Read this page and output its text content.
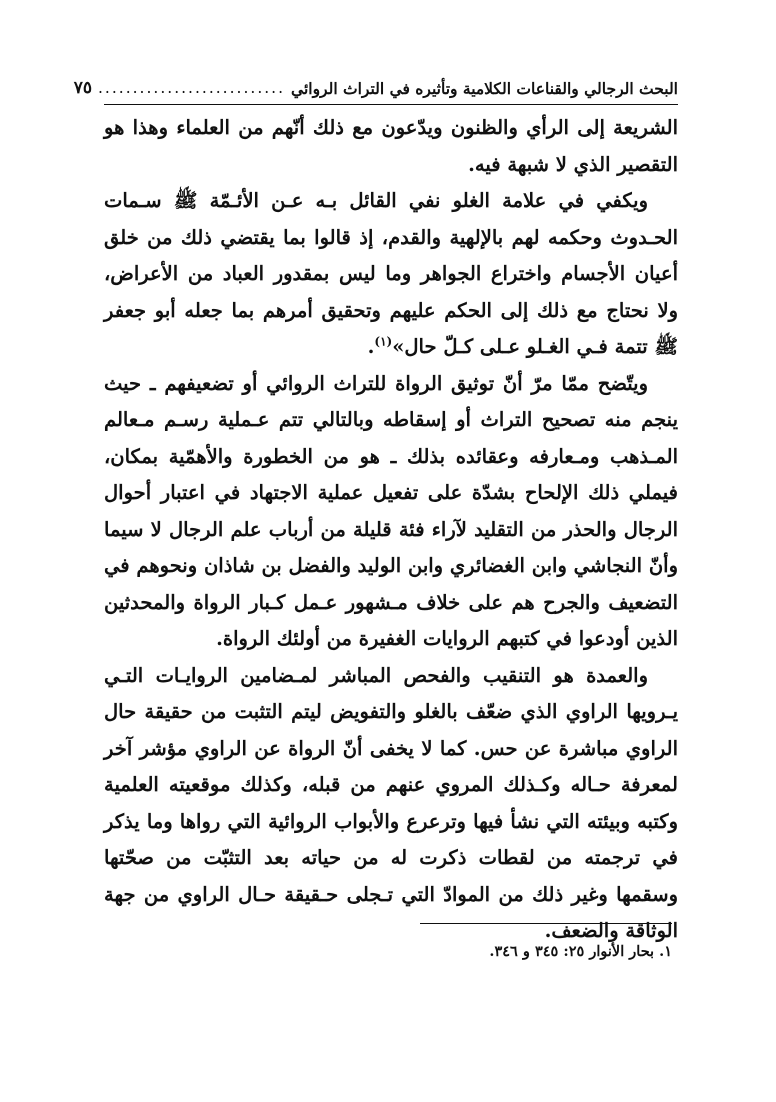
البحث الرجالي والقناعات الكلامية وتأثيره في التراث الروائي
...........................
٧٥

الشريعة إلى الرأي والظنون ويدّعون مع ذلك أنّهم من العلماء وهذا هو التقصير الذي لا شبهة فيه.

ويكفي في علامة الغلو نفي القائل بـه عـن الأئـمّة ﷺ سـمات الحـدوث وحكمه لهم بالإلهية والقدم، إذ قالوا بما يقتضي ذلك من خلق أعيان الأجسام واختراع الجواهر وما ليس بمقدور العباد من الأعراض، ولا نحتاج مع ذلك إلى الحكم عليهم وتحقيق أمرهم بما جعله أبو جعفر ﷺ تتمة فـي الغـلو عـلى كـلّ حال»$^{(١)}$.

ويتّضح ممّا مرّ أنّ توثيق الرواة للتراث الروائي أو تضعيفهم ـ حيث ينجم منه تصحيح التراث أو إسقاطه وبالتالي تتم عـملية رسـم مـعالم المـذهب ومـعارفه وعقائده بذلك ـ هو من الخطورة والأهمّية بمكان، فيملي ذلك الإلحاح بشدّة على تفعيل عملية الاجتهاد في اعتبار أحوال الرجال والحذر من التقليد لآراء فئة قليلة من أرباب علم الرجال لا سيما وأنّ النجاشي وابن الغضائري وابن الوليد والفضل بن شاذان ونحوهم في التضعيف والجرح هم على خلاف مـشهور عـمل كـبار الرواة والمحدثين الذين أودعوا في كتبهم الروايات الغفيرة من أولئك الرواة.

والعمدة هو التنقيب والفحص المباشر لمـضامين الروايـات التـي يـرويها الراوي الذي ضعّف بالغلو والتفويض ليتم التثبت من حقيقة حال الراوي مباشرة عن حس. كما لا يخفى أنّ الرواة عن الراوي مؤشر آخر لمعرفة حـاله وكـذلك المروي عنهم من قبله، وكذلك موقعيته العلمية وكتبه وبيئته التي نشأ فيها وترعرع والأبواب الروائية التي رواها وما يذكر في ترجمته من لقطات ذكرت له من حياته بعد التثبّت من صحّتها وسقمها وغير ذلك من الموادّ التي تـجلى حـقيقة حـال الراوي من جهة الوثاقة والضعف.

١. بحار الأنوار ٢٥: ٣٤٥ و ٣٤٦.
